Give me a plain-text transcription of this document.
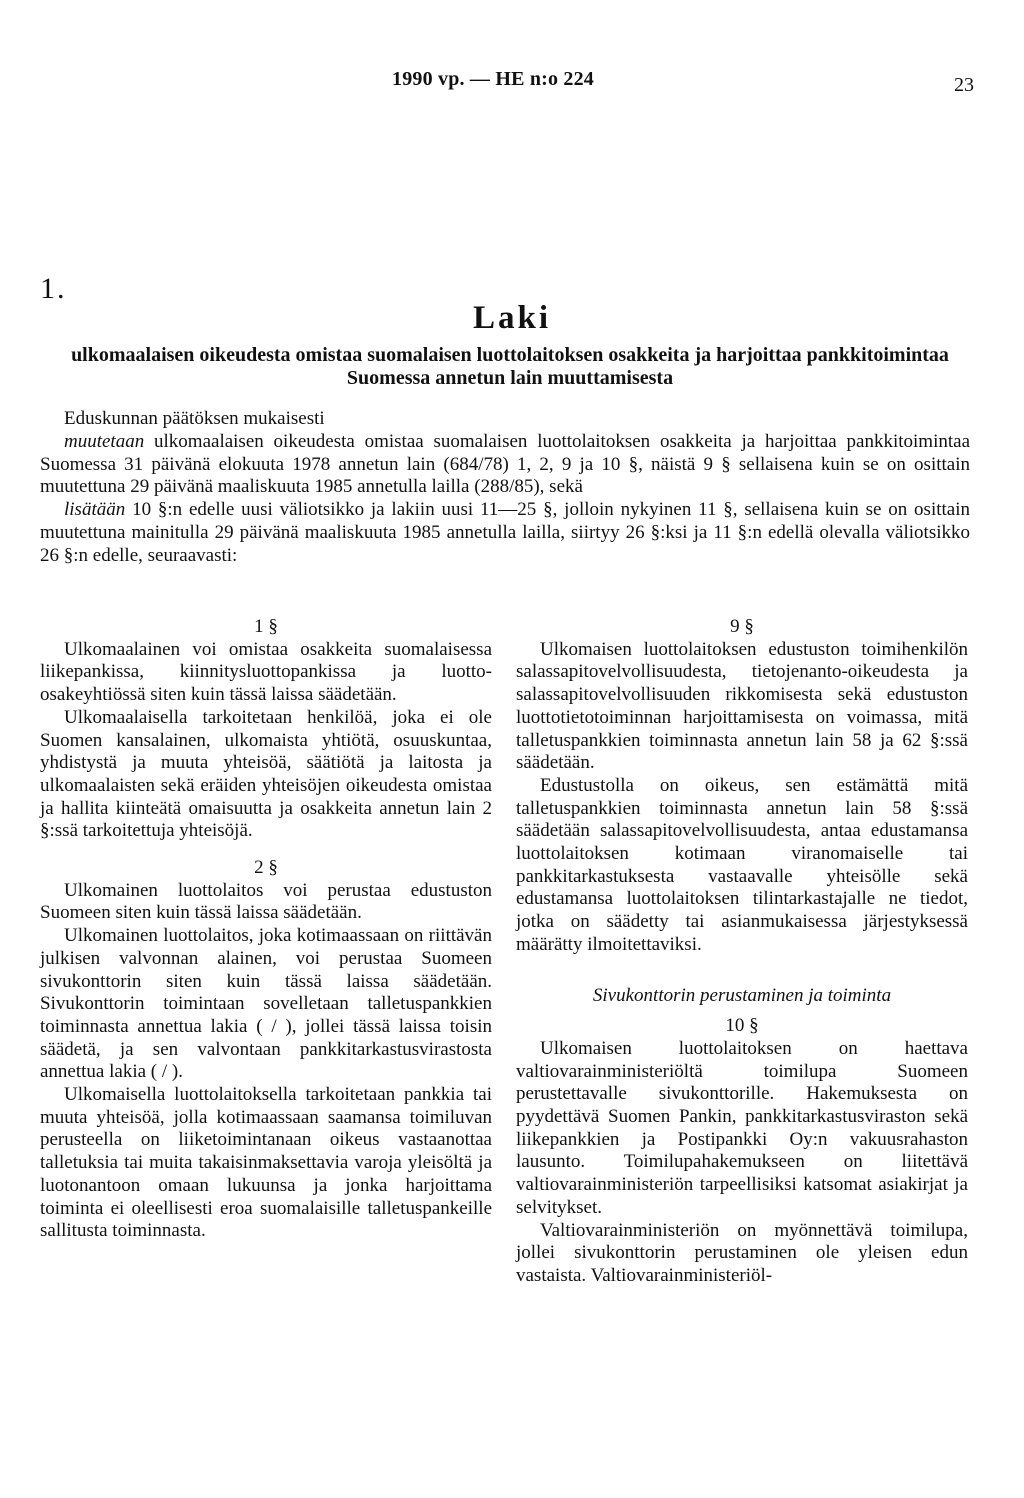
1990 vp. — HE n:o 224	23
1.
Laki
ulkomaalaisen oikeudesta omistaa suomalaisen luottolaitoksen osakkeita ja harjoittaa pankkitoimintaa Suomessa annetun lain muuttamisesta

Eduskunnan päätöksen mukaisesti

muutetaan ulkomaalaisen oikeudesta omistaa suomalaisen luottolaitoksen osakkeita ja harjoittaa pankkitoimintaa Suomessa 31 päivänä elokuuta 1978 annetun lain (684/78) 1, 2, 9 ja 10 §, näistä 9 § sellaisena kuin se on osittain muutettuna 29 päivänä maaliskuuta 1985 annetulla lailla (288/85), sekä

lisätään 10 §:n edelle uusi väliotsikko ja lakiin uusi 11—25 §, jolloin nykyinen 11 §, sellaisena kuin se on osittain muutettuna mainitulla 29 päivänä maaliskuuta 1985 annetulla lailla, siirtyy 26 §:ksi ja 11 §:n edellä olevalla väliotsikko 26 §:n edelle, seuraavasti:

1 §

Ulkomaalainen voi omistaa osakkeita suomalaisessa liikepankissa, kiinnitysluottopankissa ja luotto-osakeyhtiössä siten kuin tässä laissa säädetään.

Ulkomaalaisella tarkoitetaan henkilöä, joka ei ole Suomen kansalainen, ulkomaista yhtiötä, osuuskuntaa, yhdistystä ja muuta yhteisöä, säätiötä ja laitosta ja ulkomaalaisten sekä eräiden yhteisöjen oikeudesta omistaa ja hallita kiinteätä omaisuutta ja osakkeita annetun lain 2 §:ssä tarkoitettuja yhteisöjä.

2 §

Ulkomainen luottolaitos voi perustaa edustuston Suomeen siten kuin tässä laissa säädetään.

Ulkomainen luottolaitos, joka kotimaassaan on riittävän julkisen valvonnan alainen, voi perustaa Suomeen sivukonttorin siten kuin tässä laissa säädetään. Sivukonttorin toimintaan sovelletaan talletuspankkien toiminnasta annettua lakia ( / ), jollei tässä laissa toisin säädetä, ja sen valvontaan pankkitarkastusvirastosta annettua lakia ( / ).

Ulkomaisella luottolaitoksella tarkoitetaan pankkia tai muuta yhteisöä, jolla kotimaassaan saamansa toimiluvan perusteella on liiketoimintanaan oikeus vastaanottaa talletuksia tai muita takaisinmaksettavia varoja yleisöltä ja luotonantoon omaan lukuunsa ja jonka harjoittama toiminta ei oleellisesti eroa suomalaisille talletuspankeille sallitusta toiminnasta.

9 §

Ulkomaisen luottolaitoksen edustuston toimihenkilön salassapitovelvollisuudesta, tietojenanto-oikeudesta ja salassapitovelvollisuuden rikkomisesta sekä edustuston luottotietotoiminnan harjoittamisesta on voimassa, mitä talletuspankkien toiminnasta annetun lain 58 ja 62 §:ssä säädetään.

Edustustolla on oikeus, sen estämättä mitä talletuspankkien toiminnasta annetun lain 58 §:ssä säädetään salassapitovelvollisuudesta, antaa edustamansa luottolaitoksen kotimaan viranomaiselle tai pankkitarkastuksesta vastaavalle yhteisölle sekä edustamansa luottolaitoksen tilintarkastajalle ne tiedot, jotka on säädetty tai asianmukaisessa järjestyksessä määrätty ilmoitettaviksi.

Sivukonttorin perustaminen ja toiminta

10 §

Ulkomaisen luottolaitoksen on haettava valtiovarainministeriöltä toimilupa Suomeen perustettavalle sivukonttorille. Hakemuksesta on pyydettävä Suomen Pankin, pankkitarkastusviraston sekä liikepankkien ja Postipankki Oy:n vakuusrahaston lausunto. Toimilupahakemukseen on liitettävä valtiovarainministeriön tarpeellisiksi katsomat asiakirjat ja selvitykset.

Valtiovarainministeriön on myönnettävä toimilupa, jollei sivukonttorin perustaminen ole yleisen edun vastaista. Valtiovarainministeriöl-
